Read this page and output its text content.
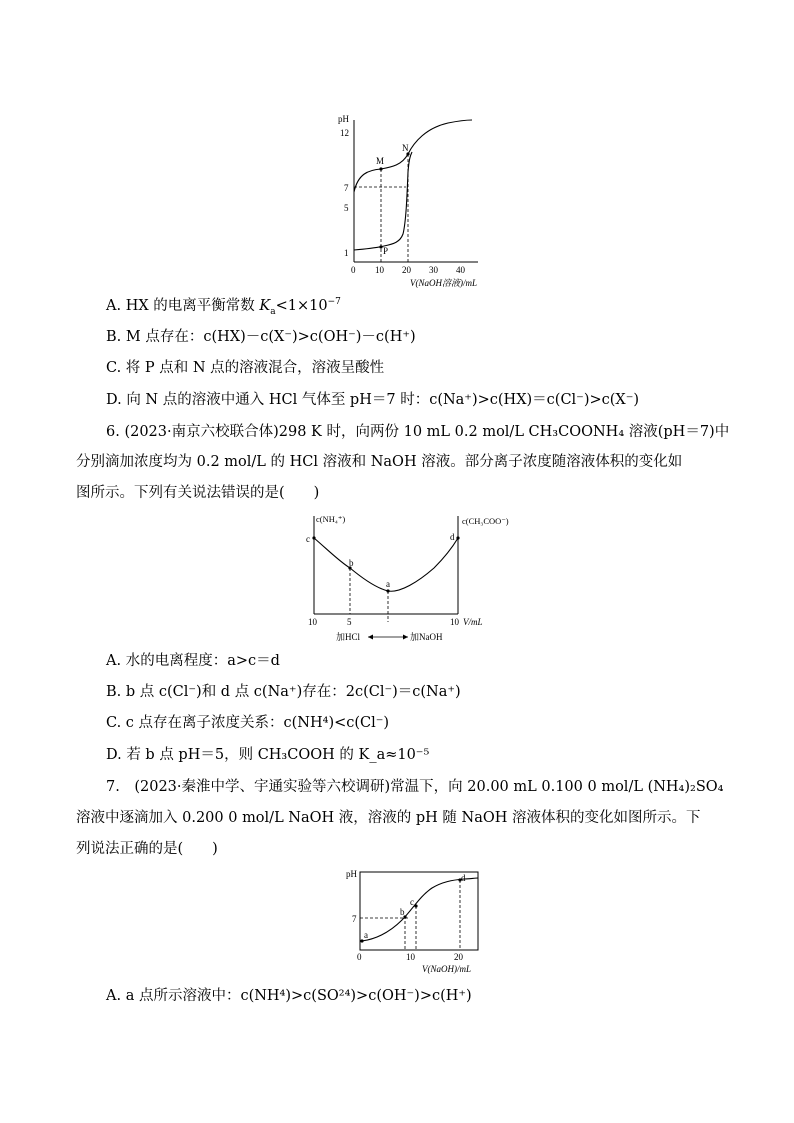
pH
12
7
5
1
0 10 20 30 40
V(NaOH溶液)/mL
M
N
P
A. HX 的电离平衡常数 $K_a<1\times 10^{-7}$
B. M 点存在：c(HX)－c(X⁻)>c(OH⁻)－c(H⁺)
C. 将 P 点和 N 点的溶液混合，溶液呈酸性
D. 向 N 点的溶液中通入 HCl 气体至 pH＝7 时：c(Na⁺)>c(HX)＝c(Cl⁻)>c(X⁻)
6. (2023·南京六校联合体)298 K 时，向两份 10 mL 0.2 mol/L CH₃COONH₄ 溶液(pH＝7)中
分别滴加浓度均为 0.2 mol/L 的 HCl 溶液和 NaOH 溶液。部分离子浓度随溶液体积的变化如
图所示。下列有关说法错误的是(　　)
c(NH₄⁺)	c(CH₃COO⁻)
c
b
a
d
10	5	10 V/mL
加HCl	加NaOH
A. 水的电离程度：a>c＝d
B. b 点 c(Cl⁻)和 d 点 c(Na⁺)存在：2c(Cl⁻)＝c(Na⁺)
C. c 点存在离子浓度关系：c(NH⁴)<c(Cl⁻)
D. 若 b 点 pH＝5，则 CH₃COOH 的 K_a≈10⁻⁵
7.　(2023·秦淮中学、宇通实验等六校调研)常温下，向 20.00 mL 0.100 0 mol/L (NH₄)₂SO₄
溶液中逐滴加入 0.200 0 mol/L NaOH 液，溶液的 pH 随 NaOH 溶液体积的变化如图所示。下
列说法正确的是(　　)
pH
7
a
b
c
d
0	10	20
V(NaOH)/mL
A. a 点所示溶液中：c(NH⁴)>c(SO²⁴)>c(OH⁻)>c(H⁺)
